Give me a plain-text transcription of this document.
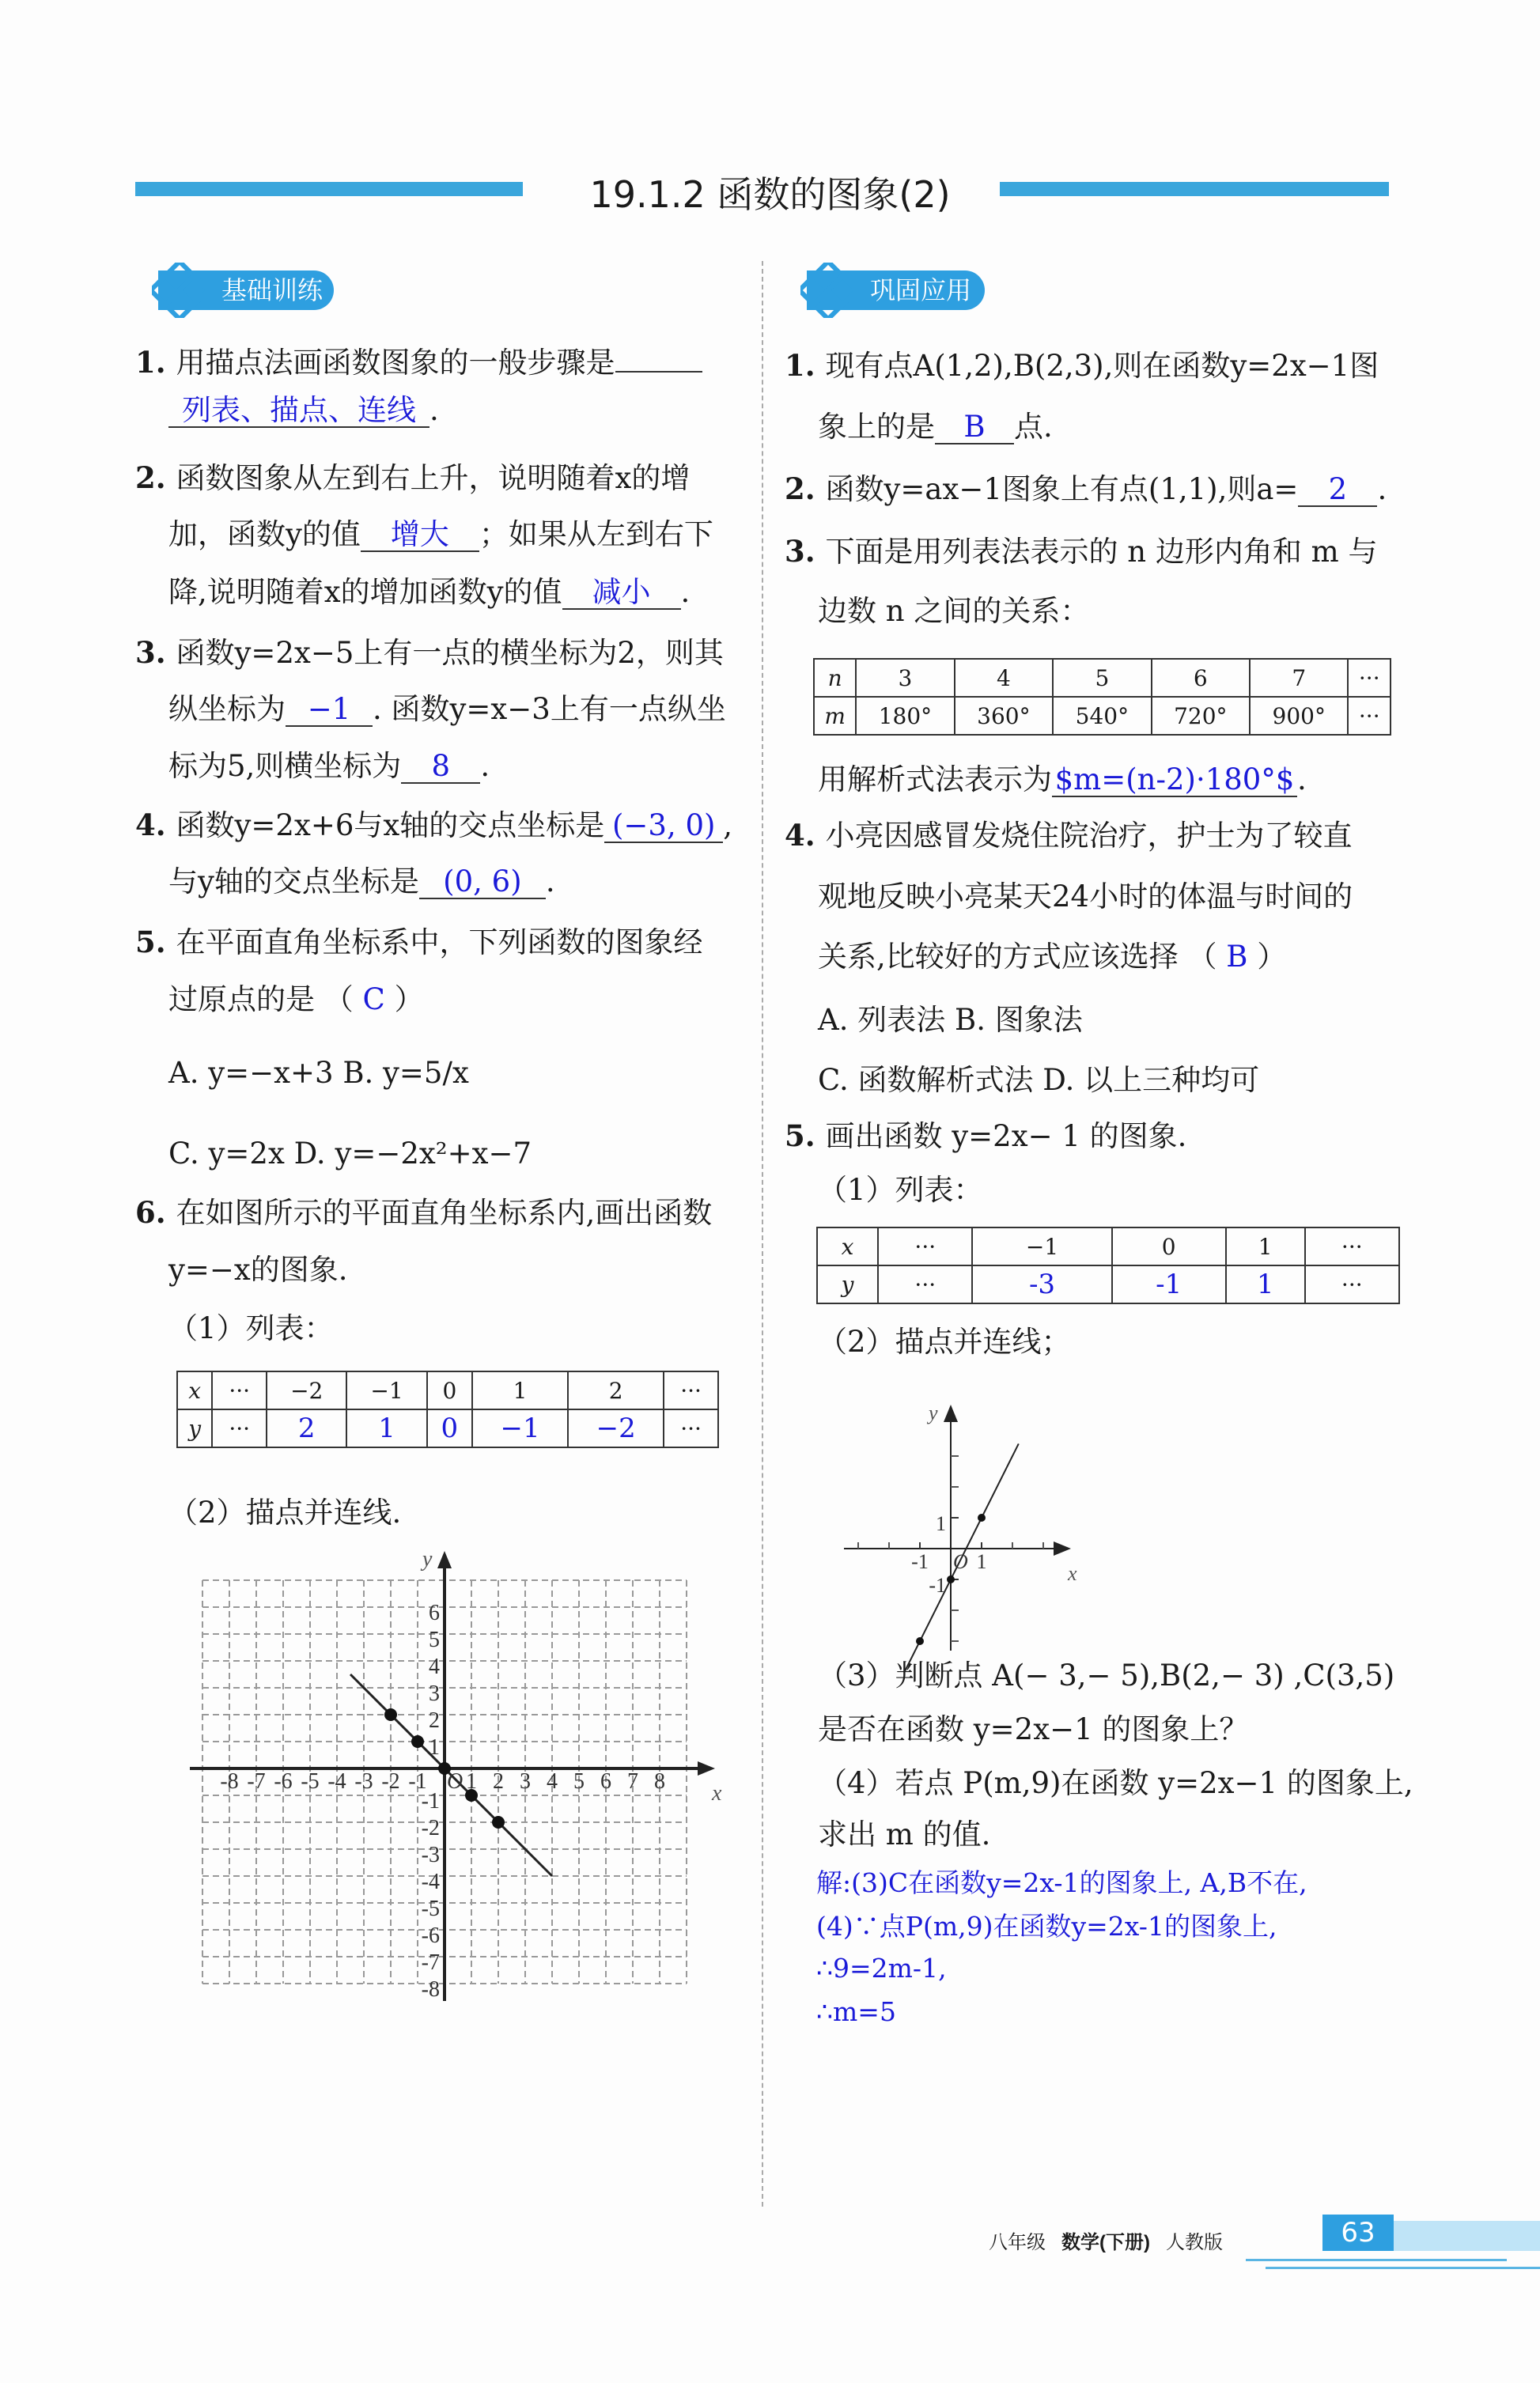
19.1.2 函数的图象(2)
基础训练	巩固应用
1. 用描点法画函数图象的一般步骤是
列表、描点、连线 .
2. 函数图象从左到右上升，说明随着x的增
加，函数y的值 增大 ；如果从左到右下
降,说明随着x的增加函数y的值 减小 .
3. 函数y=2x−5上有一点的横坐标为2，则其
纵坐标为 −1 . 函数y=x−3上有一点纵坐
标为5,则横坐标为 8 .
4. 函数y=2x+6与x轴的交点坐标是 (−3, 0) ,
与y轴的交点坐标是 (0, 6) .
5. 在平面直角坐标系中，下列函数的图象经
过原点的是 （ C ）
A. y=−x+3 B. y=5/x
C. y=2x D. y=−2x²+x−7
6. 在如图所示的平面直角坐标系内,画出函数
y=−x的图象.
（1）列表：
（2）描点并连线.
1. 现有点A(1,2),B(2,3),则在函数y=2x−1图
象上的是 B 点.
2. 函数y=ax−1图象上有点(1,1),则a= 2 .
3. 下面是用列表法表示的 n 边形内角和 m 与
边数 n 之间的关系：
用解析式法表示为$m=(n-2)·180°$.
4. 小亮因感冒发烧住院治疗，护士为了较直
观地反映小亮某天24小时的体温与时间的
关系,比较好的方式应该选择 （ B ）
A. 列表法 B. 图象法
C. 函数解析式法 D. 以上三种均可
5. 画出函数 y=2x− 1 的图象.
（1）列表：
（2）描点并连线；
（3）判断点 A(− 3,− 5),B(2,− 3) ,C(3,5)
是否在函数 y=2x−1 的图象上？
（4）若点 P(m,9)在函数 y=2x−1 的图象上,
求出 m 的值.
解:(3)C在函数y=2x-1的图象上, A,B不在,
(4)∵点P(m,9)在函数y=2x-1的图象上,
∴9=2m-1,
∴m=5
x	···	−2	−1	0	1	2	···
y	···	2	1	0	−1	−2	···
n	3	4	5	6	7	···
m	180°	360°	540°	720°	900°	···
x	···	−1	0	1	···
y	···	-3	-1	1	···
x
y
O
-8 -7 -6 -5 -4 -3 -2 -1 1 2 3 4 5 6 7 8
6
5
4
3
2
1
-1
-2
-3
-4
-5
-6
-7
-8
x
y
O
-1 1
1
-1
八年级 数学(下册) 人教版	63
